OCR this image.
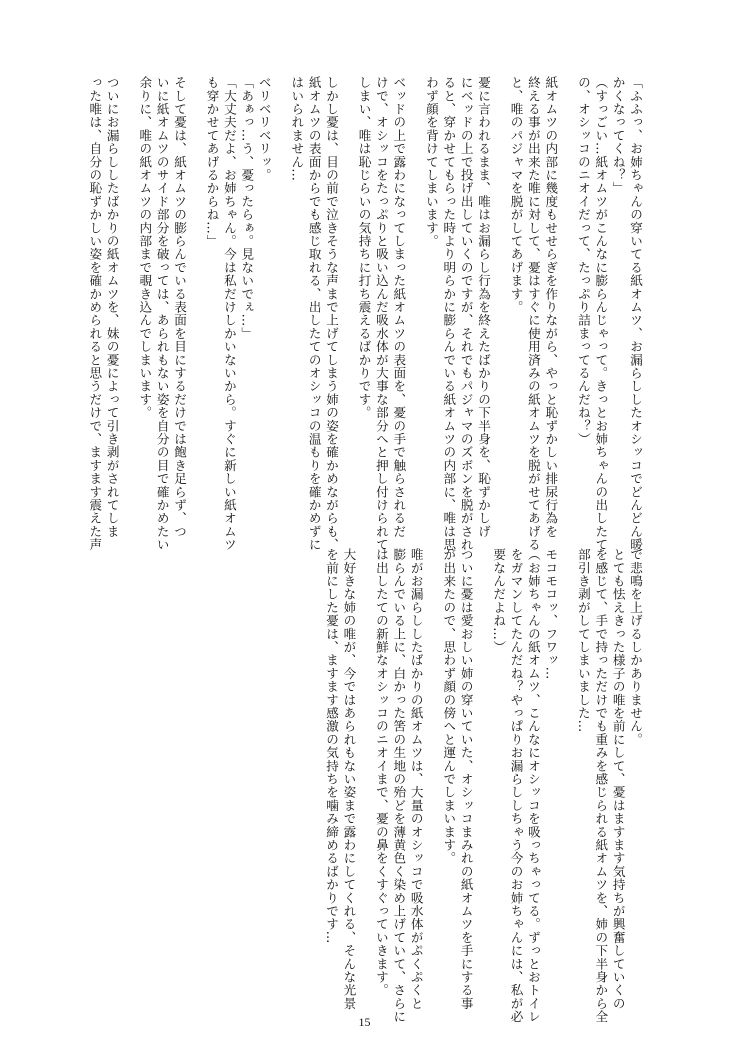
「ふふっ、お姉ちゃんの穿いてる紙オムツ、お漏らししたオシッコでどんどん暖
かくなってくね？」
（すっごい…紙オムツがこんなに膨らんじゃって。きっとお姉ちゃんの出したて
の、オシッコのニオイだって、たっぷり詰まってるんだね？）
紙オムツの内部に幾度もせせらぎを作りながら、やっと恥ずかしい排尿行為を
終える事が出来た唯に対して、憂はすぐに使用済みの紙オムツを脱がせてあげる
と、唯のパジャマを脱がしてあげます。
憂に言われるまま、唯はお漏らし行為を終えたばかりの下半身を、恥ずかしげ
にベッドの上で投げ出していくのですが、それでもパジャマのズボンを脱がされ
ると、穿かせてもらった時より明らかに膨らんでいる紙オムツの内部に、唯は思
わず顔を背けてしまいます。
ベッドの上で露わになってしまった紙オムツの表面を、憂の手で触らされるだ
けで、オシッコをたっぷりと吸い込んだ吸水体が大事な部分へと押し付けられて
しまい、唯は恥じらいの気持ちに打ち震えるばかりです。
しかし憂は、目の前で泣きそうな声まで上げてしまう姉の姿を確かめながらも、
紙オムツの表面からでも感じ取れる、出したてのオシッコの温もりを確かめずに
はいられません…
ベリベリベリッ。
「あぁっ…う、憂ったらぁ。見ないでぇ…」
「大丈夫だよ、お姉ちゃん。今は私だけしかいないから。すぐに新しい紙オムツ
も穿かせてあげるからね…」
そして憂は、紙オムツの膨らんでいる表面を目にするだけでは飽き足らず、つ
いに紙オムツのサイド部分を破っては、あられもない姿を自分の目で確かめたい
余りに、唯の紙オムツの内部まで覗き込んでしまいます。
ついにお漏らししたばかりの紙オムツを、妹の憂によって引き剥がされてしま
った唯は、自分の恥ずかしい姿を確かめられると思うだけで、ますます震えた声
で悲鳴を上げるしかありません。
とても怯えきった様子の唯を前にして、憂はますます気持ちが興奮していくの
を感じて、手で持っただけでも重みを感じられる紙オムツを、姉の下半身から全
部引き剥がしてしまいました…
モコモコッ、フワッ…
（お姉ちゃんの紙オムツ、こんなにオシッコを吸っちゃってる。ずっとおトイレ
をガマンしてたんだね？やっぱりお漏らししちゃう今のお姉ちゃんには、私が必
要なんだよね…）
ついに憂は愛おしい姉の穿いていた、オシッコまみれの紙オムツを手にする事
が出来たので、思わず顔の傍へと運んでしまいます。
唯がお漏らししたばかりの紙オムツは、大量のオシッコで吸水体がぷくぷくと
膨らんでいる上に、白かった筈の生地の殆どを薄黄色く染め上げていて、さらに
は出したての新鮮なオシッコのニオイまで、憂の鼻をくすぐっていきます。
大好きな姉の唯が、今ではあられもない姿まで露わにしてくれる、そんな光景
を前にした憂は、ますます感激の気持ちを噛み締めるばかりです…
15
